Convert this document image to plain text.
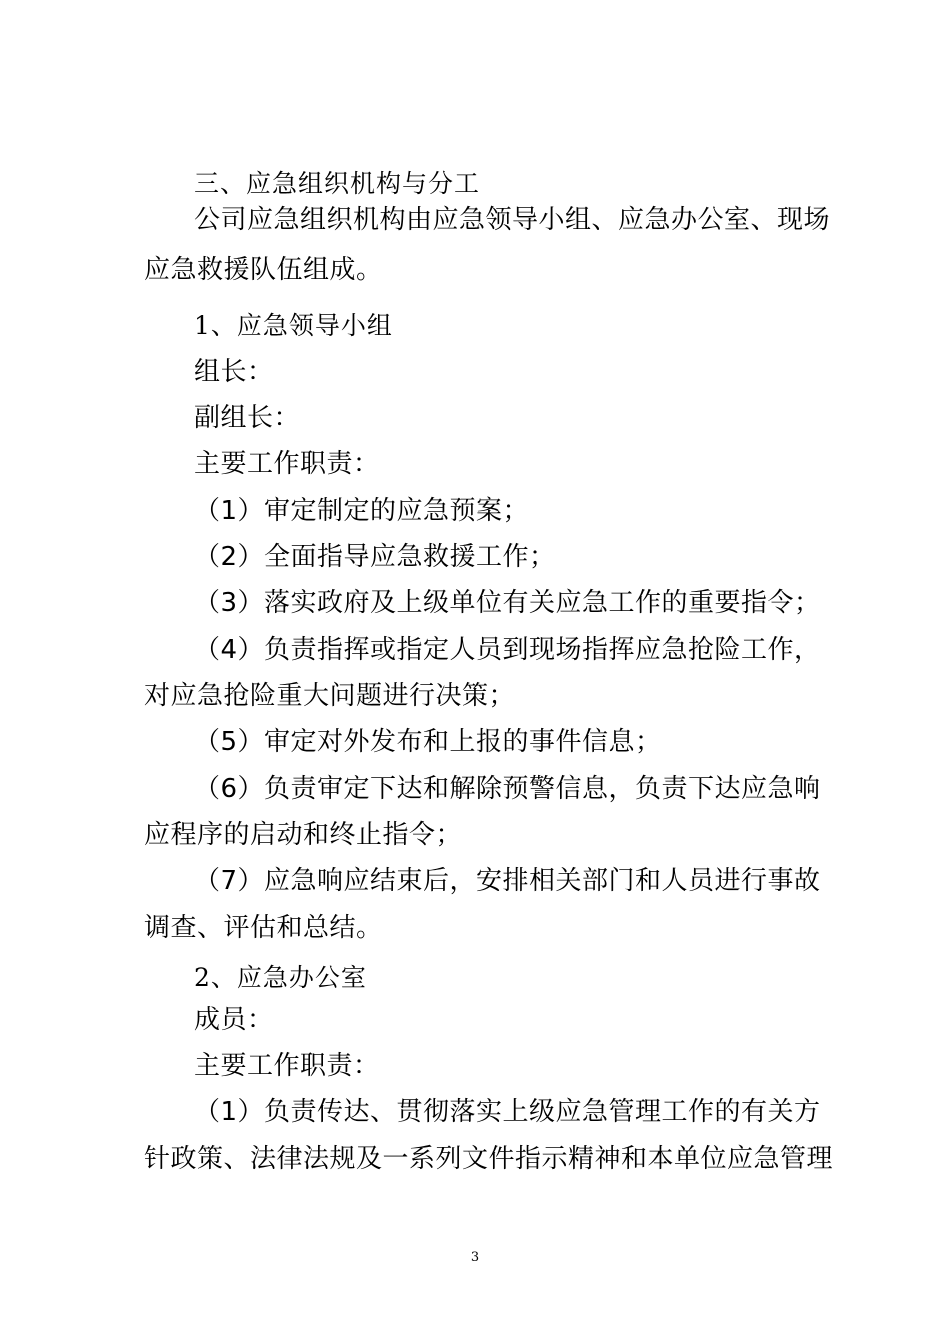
三、应急组织机构与分工
公司应急组织机构由应急领导小组、应急办公室、现场
应急救援队伍组成。
1、应急领导小组
组长：
副组长：
主要工作职责：
（1）审定制定的应急预案；
（2）全面指导应急救援工作；
（3）落实政府及上级单位有关应急工作的重要指令；
（4）负责指挥或指定人员到现场指挥应急抢险工作，
对应急抢险重大问题进行决策；
（5）审定对外发布和上报的事件信息；
（6）负责审定下达和解除预警信息，负责下达应急响
应程序的启动和终止指令；
（7）应急响应结束后，安排相关部门和人员进行事故
调查、评估和总结。
2、应急办公室
成员：
主要工作职责：
（1）负责传达、贯彻落实上级应急管理工作的有关方
针政策、法律法规及一系列文件指示精神和本单位应急管理
3
